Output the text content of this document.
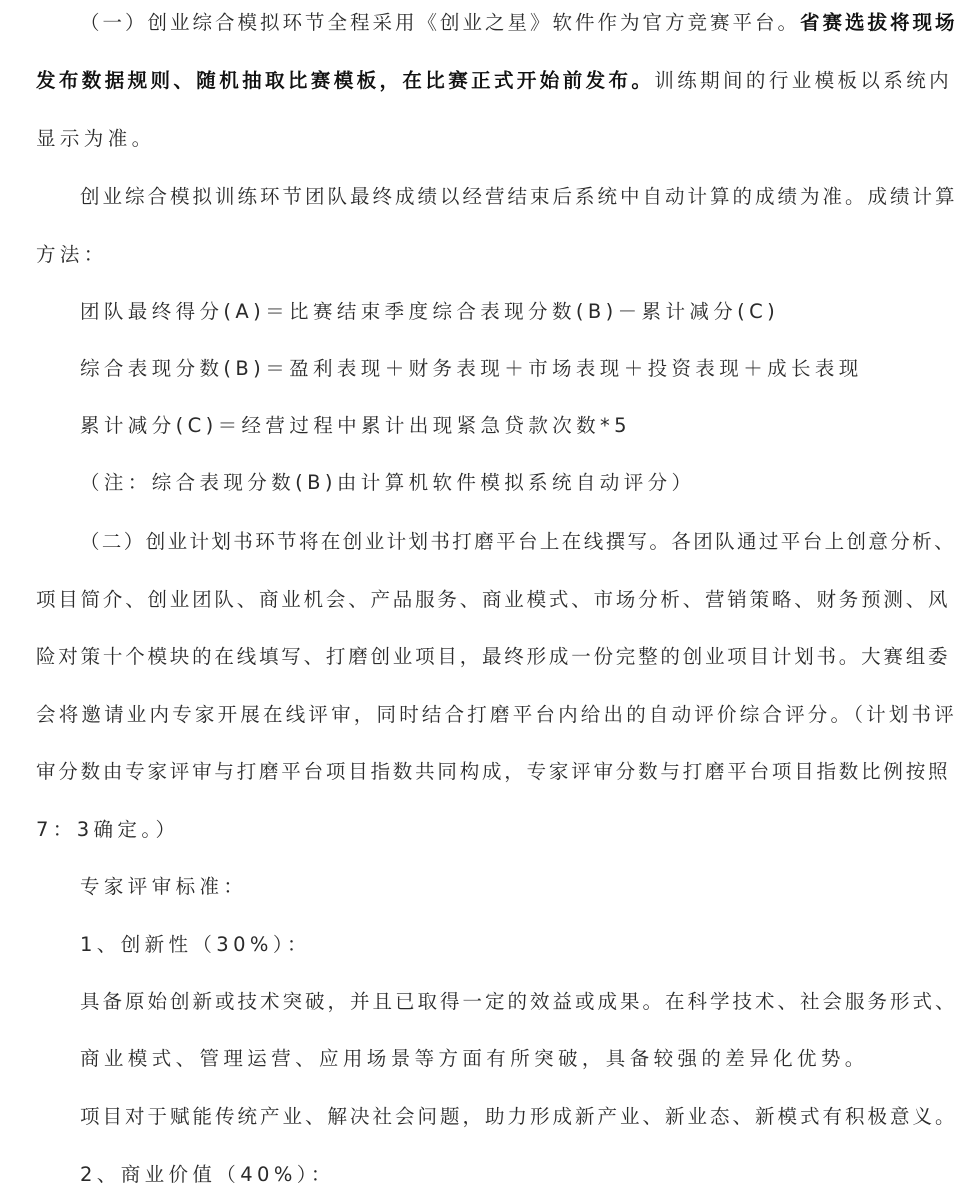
（一）创业综合模拟环节全程采用《创业之星》软件作为官方竞赛平台。省赛选拔将现场
发布数据规则、随机抽取比赛模板，在比赛正式开始前发布。训练期间的行业模板以系统内
显示为准。
创业综合模拟训练环节团队最终成绩以经营结束后系统中自动计算的成绩为准。成绩计算
方法：
团队最终得分(A)＝比赛结束季度综合表现分数(B)－累计减分(C)
综合表现分数(B)＝盈利表现＋财务表现＋市场表现＋投资表现＋成长表现
累计减分(C)＝经营过程中累计出现紧急贷款次数*5
（注：综合表现分数(B)由计算机软件模拟系统自动评分）
（二）创业计划书环节将在创业计划书打磨平台上在线撰写。各团队通过平台上创意分析、
项目简介、创业团队、商业机会、产品服务、商业模式、市场分析、营销策略、财务预测、风
险对策十个模块的在线填写、打磨创业项目，最终形成一份完整的创业项目计划书。大赛组委
会将邀请业内专家开展在线评审，同时结合打磨平台内给出的自动评价综合评分。（计划书评
审分数由专家评审与打磨平台项目指数共同构成，专家评审分数与打磨平台项目指数比例按照
7：3确定。）
专家评审标准：
1、创新性（30%）：
具备原始创新或技术突破，并且已取得一定的效益或成果。在科学技术、社会服务形式、
商业模式、管理运营、应用场景等方面有所突破，具备较强的差异化优势。
项目对于赋能传统产业、解决社会问题，助力形成新产业、新业态、新模式有积极意义。
2、商业价值（40%）：
